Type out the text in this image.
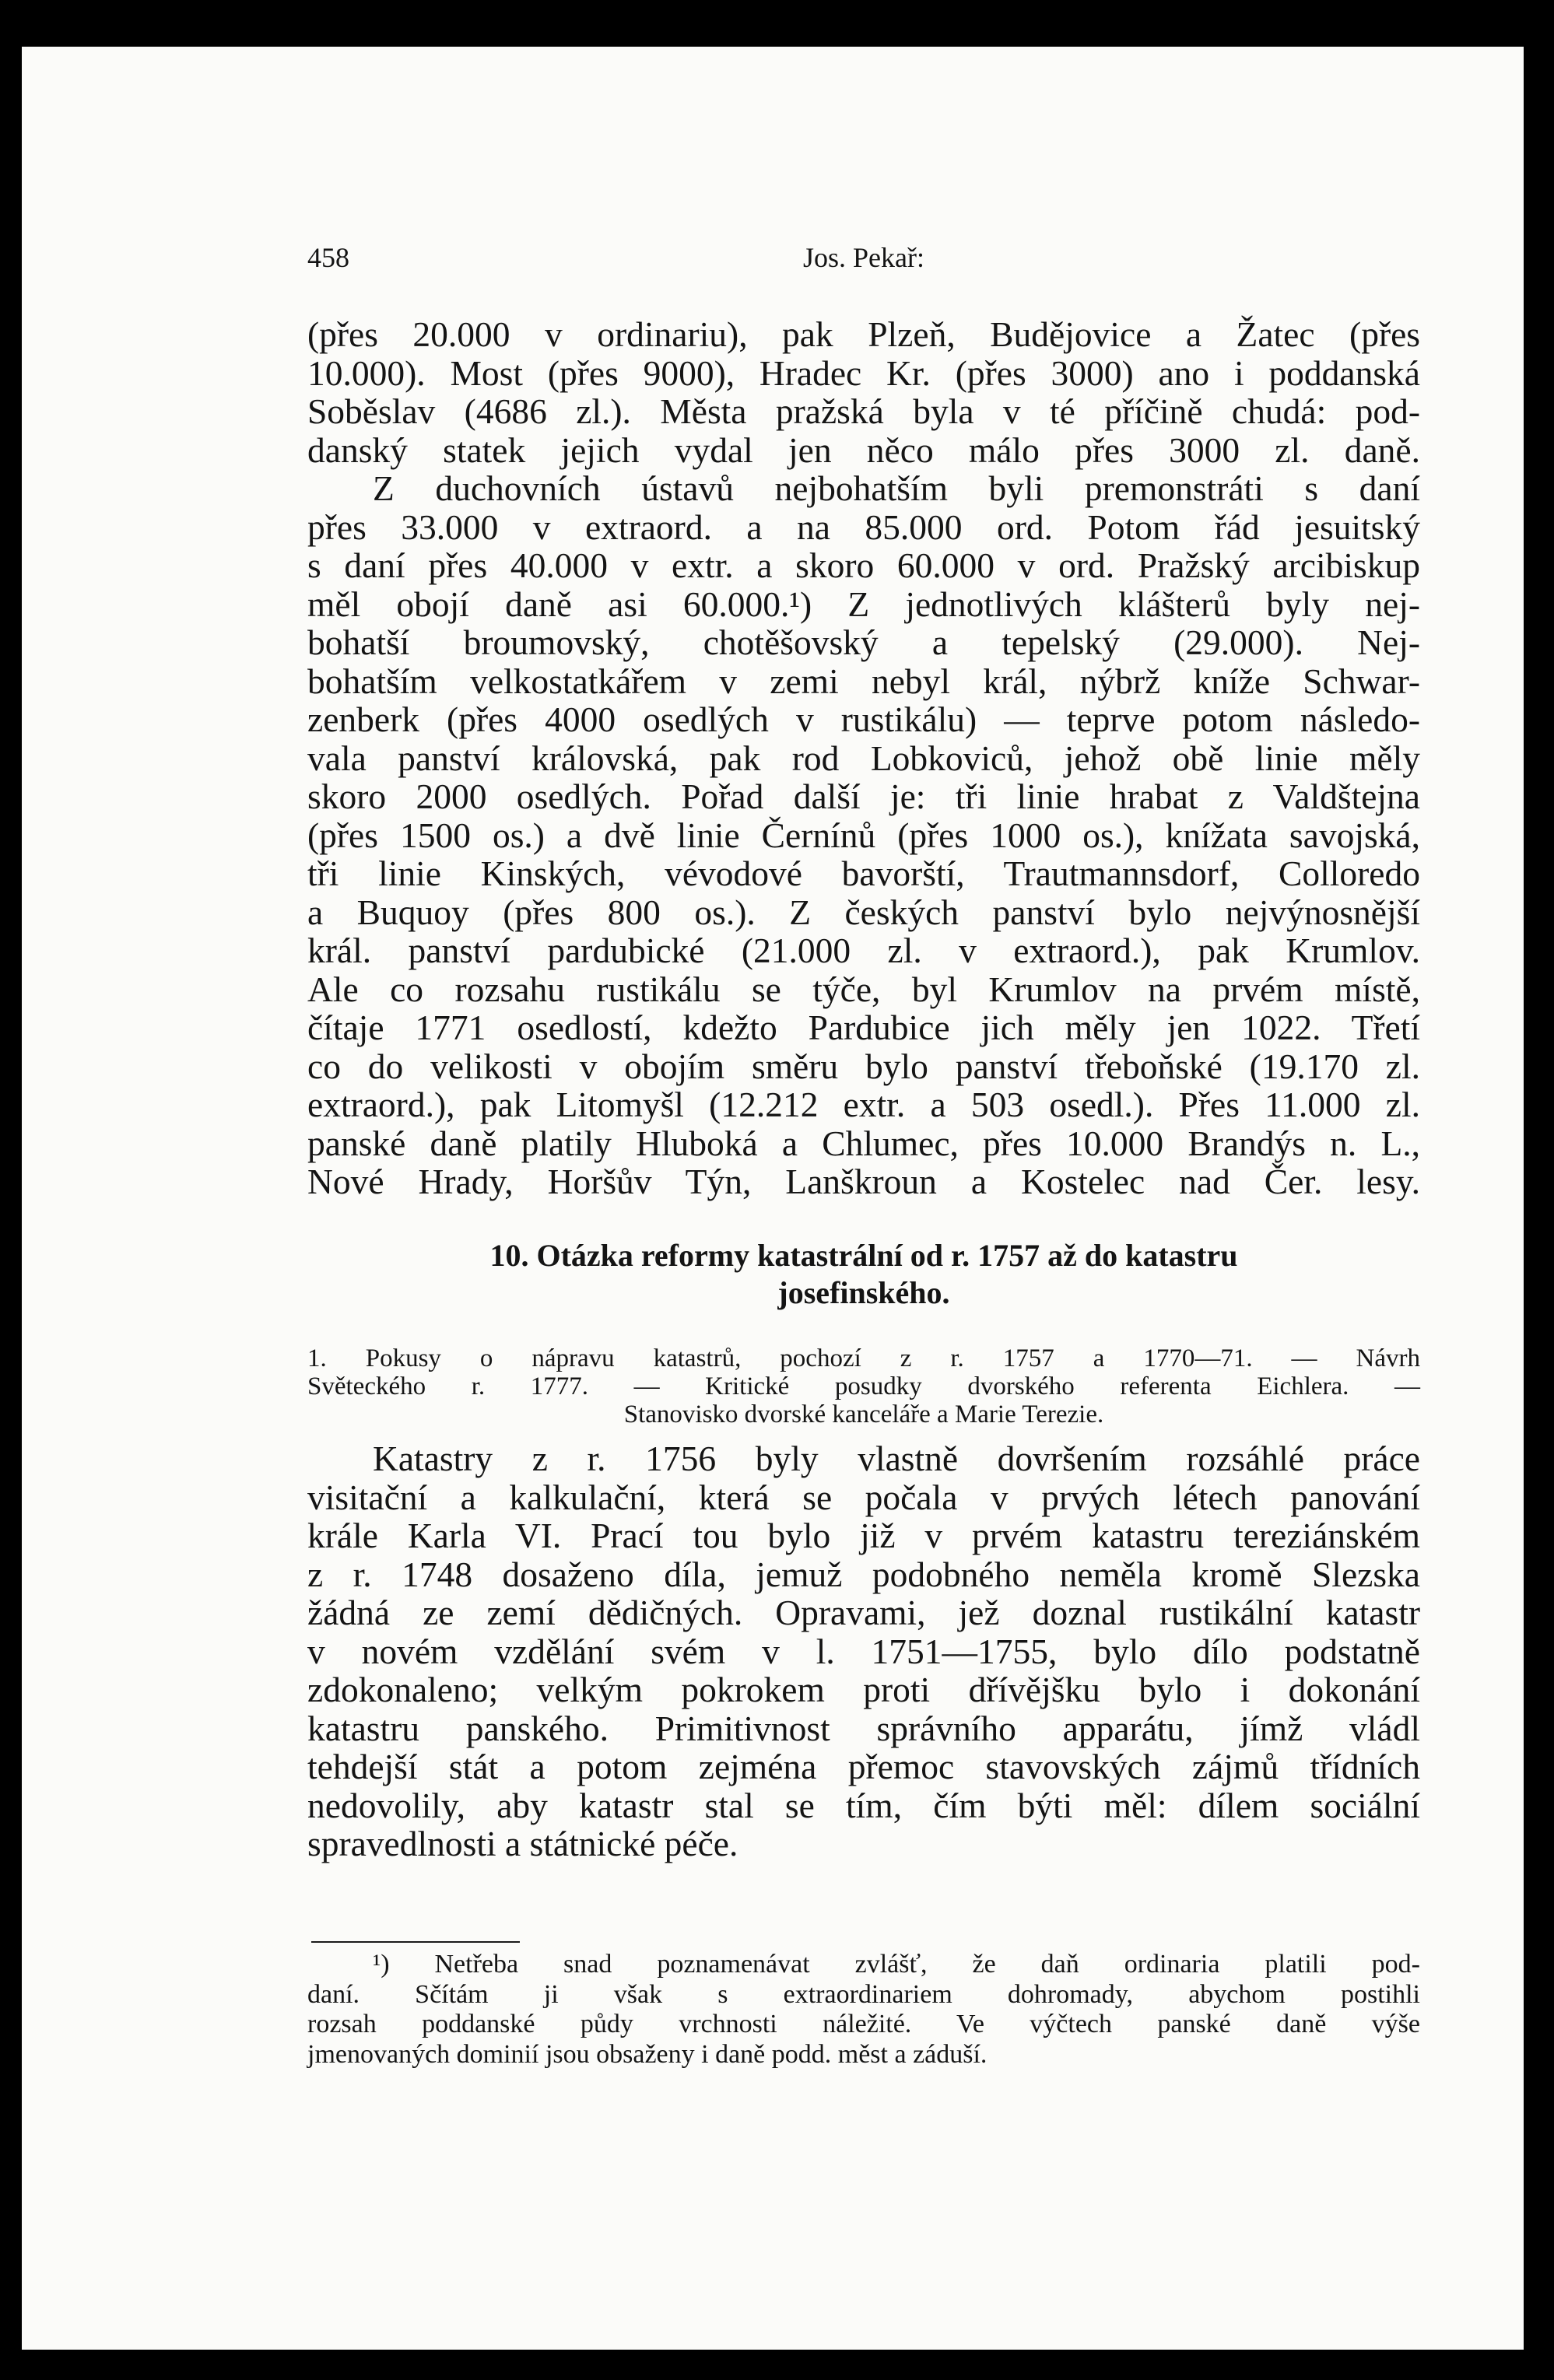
458	Jos. Pekař:
(přes 20.000 v ordinariu), pak Plzeň, Budějovice a Žatec (přes
10.000). Most (přes 9000), Hradec Kr. (přes 3000) ano i poddanská
Soběslav (4686 zl.). Města pražská byla v té příčině chudá: pod-
danský statek jejich vydal jen něco málo přes 3000 zl. daně.
Z duchovních ústavů nejbohatším byli premonstráti s daní
přes 33.000 v extraord. a na 85.000 ord. Potom řád jesuitský
s daní přes 40.000 v extr. a skoro 60.000 v ord. Pražský arcibiskup
měl obojí daně asi 60.000.¹) Z jednotlivých klášterů byly nej-
bohatší broumovský, chotěšovský a tepelský (29.000). Nej-
bohatším velkostatkářem v zemi nebyl král, nýbrž kníže Schwar-
zenberk (přes 4000 osedlých v rustikálu) — teprve potom následo-
vala panství královská, pak rod Lobkoviců, jehož obě linie měly
skoro 2000 osedlých. Pořad další je: tři linie hrabat z Valdštejna
(přes 1500 os.) a dvě linie Černínů (přes 1000 os.), knížata savojská,
tři linie Kinských, vévodové bavorští, Trautmannsdorf, Colloredo
a Buquoy (přes 800 os.). Z českých panství bylo nejvýnosnější
král. panství pardubické (21.000 zl. v extraord.), pak Krumlov.
Ale co rozsahu rustikálu se týče, byl Krumlov na prvém místě,
čítaje 1771 osedlostí, kdežto Pardubice jich měly jen 1022. Třetí
co do velikosti v obojím směru bylo panství třeboňské (19.170 zl.
extraord.), pak Litomyšl (12.212 extr. a 503 osedl.). Přes 11.000 zl.
panské daně platily Hluboká a Chlumec, přes 10.000 Brandýs n. L.,
Nové Hrady, Horšův Týn, Lanškroun a Kostelec nad Čer. lesy.
10. Otázka reformy katastrální od r. 1757 až do katastru
josefinského.
1. Pokusy o nápravu katastrů, pochozí z r. 1757 a 1770—71. — Návrh
Světeckého r. 1777. — Kritické posudky dvorského referenta Eichlera. —
Stanovisko dvorské kanceláře a Marie Terezie.
Katastry z r. 1756 byly vlastně dovršením rozsáhlé práce
visitační a kalkulační, která se počala v prvých létech panování
krále Karla VI. Prací tou bylo již v prvém katastru tereziánském
z r. 1748 dosaženo díla, jemuž podobného neměla kromě Slezska
žádná ze zemí dědičných. Opravami, jež doznal rustikální katastr
v novém vzdělání svém v l. 1751—1755, bylo dílo podstatně
zdokonaleno; velkým pokrokem proti dřívějšku bylo i dokonání
katastru panského. Primitivnost správního apparátu, jímž vládl
tehdejší stát a potom zejména přemoc stavovských zájmů třídních
nedovolily, aby katastr stal se tím, čím býti měl: dílem sociální
spravedlnosti a státnické péče.
¹) Netřeba snad poznamenávat zvlášť, že daň ordinaria platili pod-
daní. Sčítám ji však s extraordinariem dohromady, abychom postihli
rozsah poddanské půdy vrchnosti náležité. Ve výčtech panské daně výše
jmenovaných dominií jsou obsaženy i daně podd. měst a záduší.
